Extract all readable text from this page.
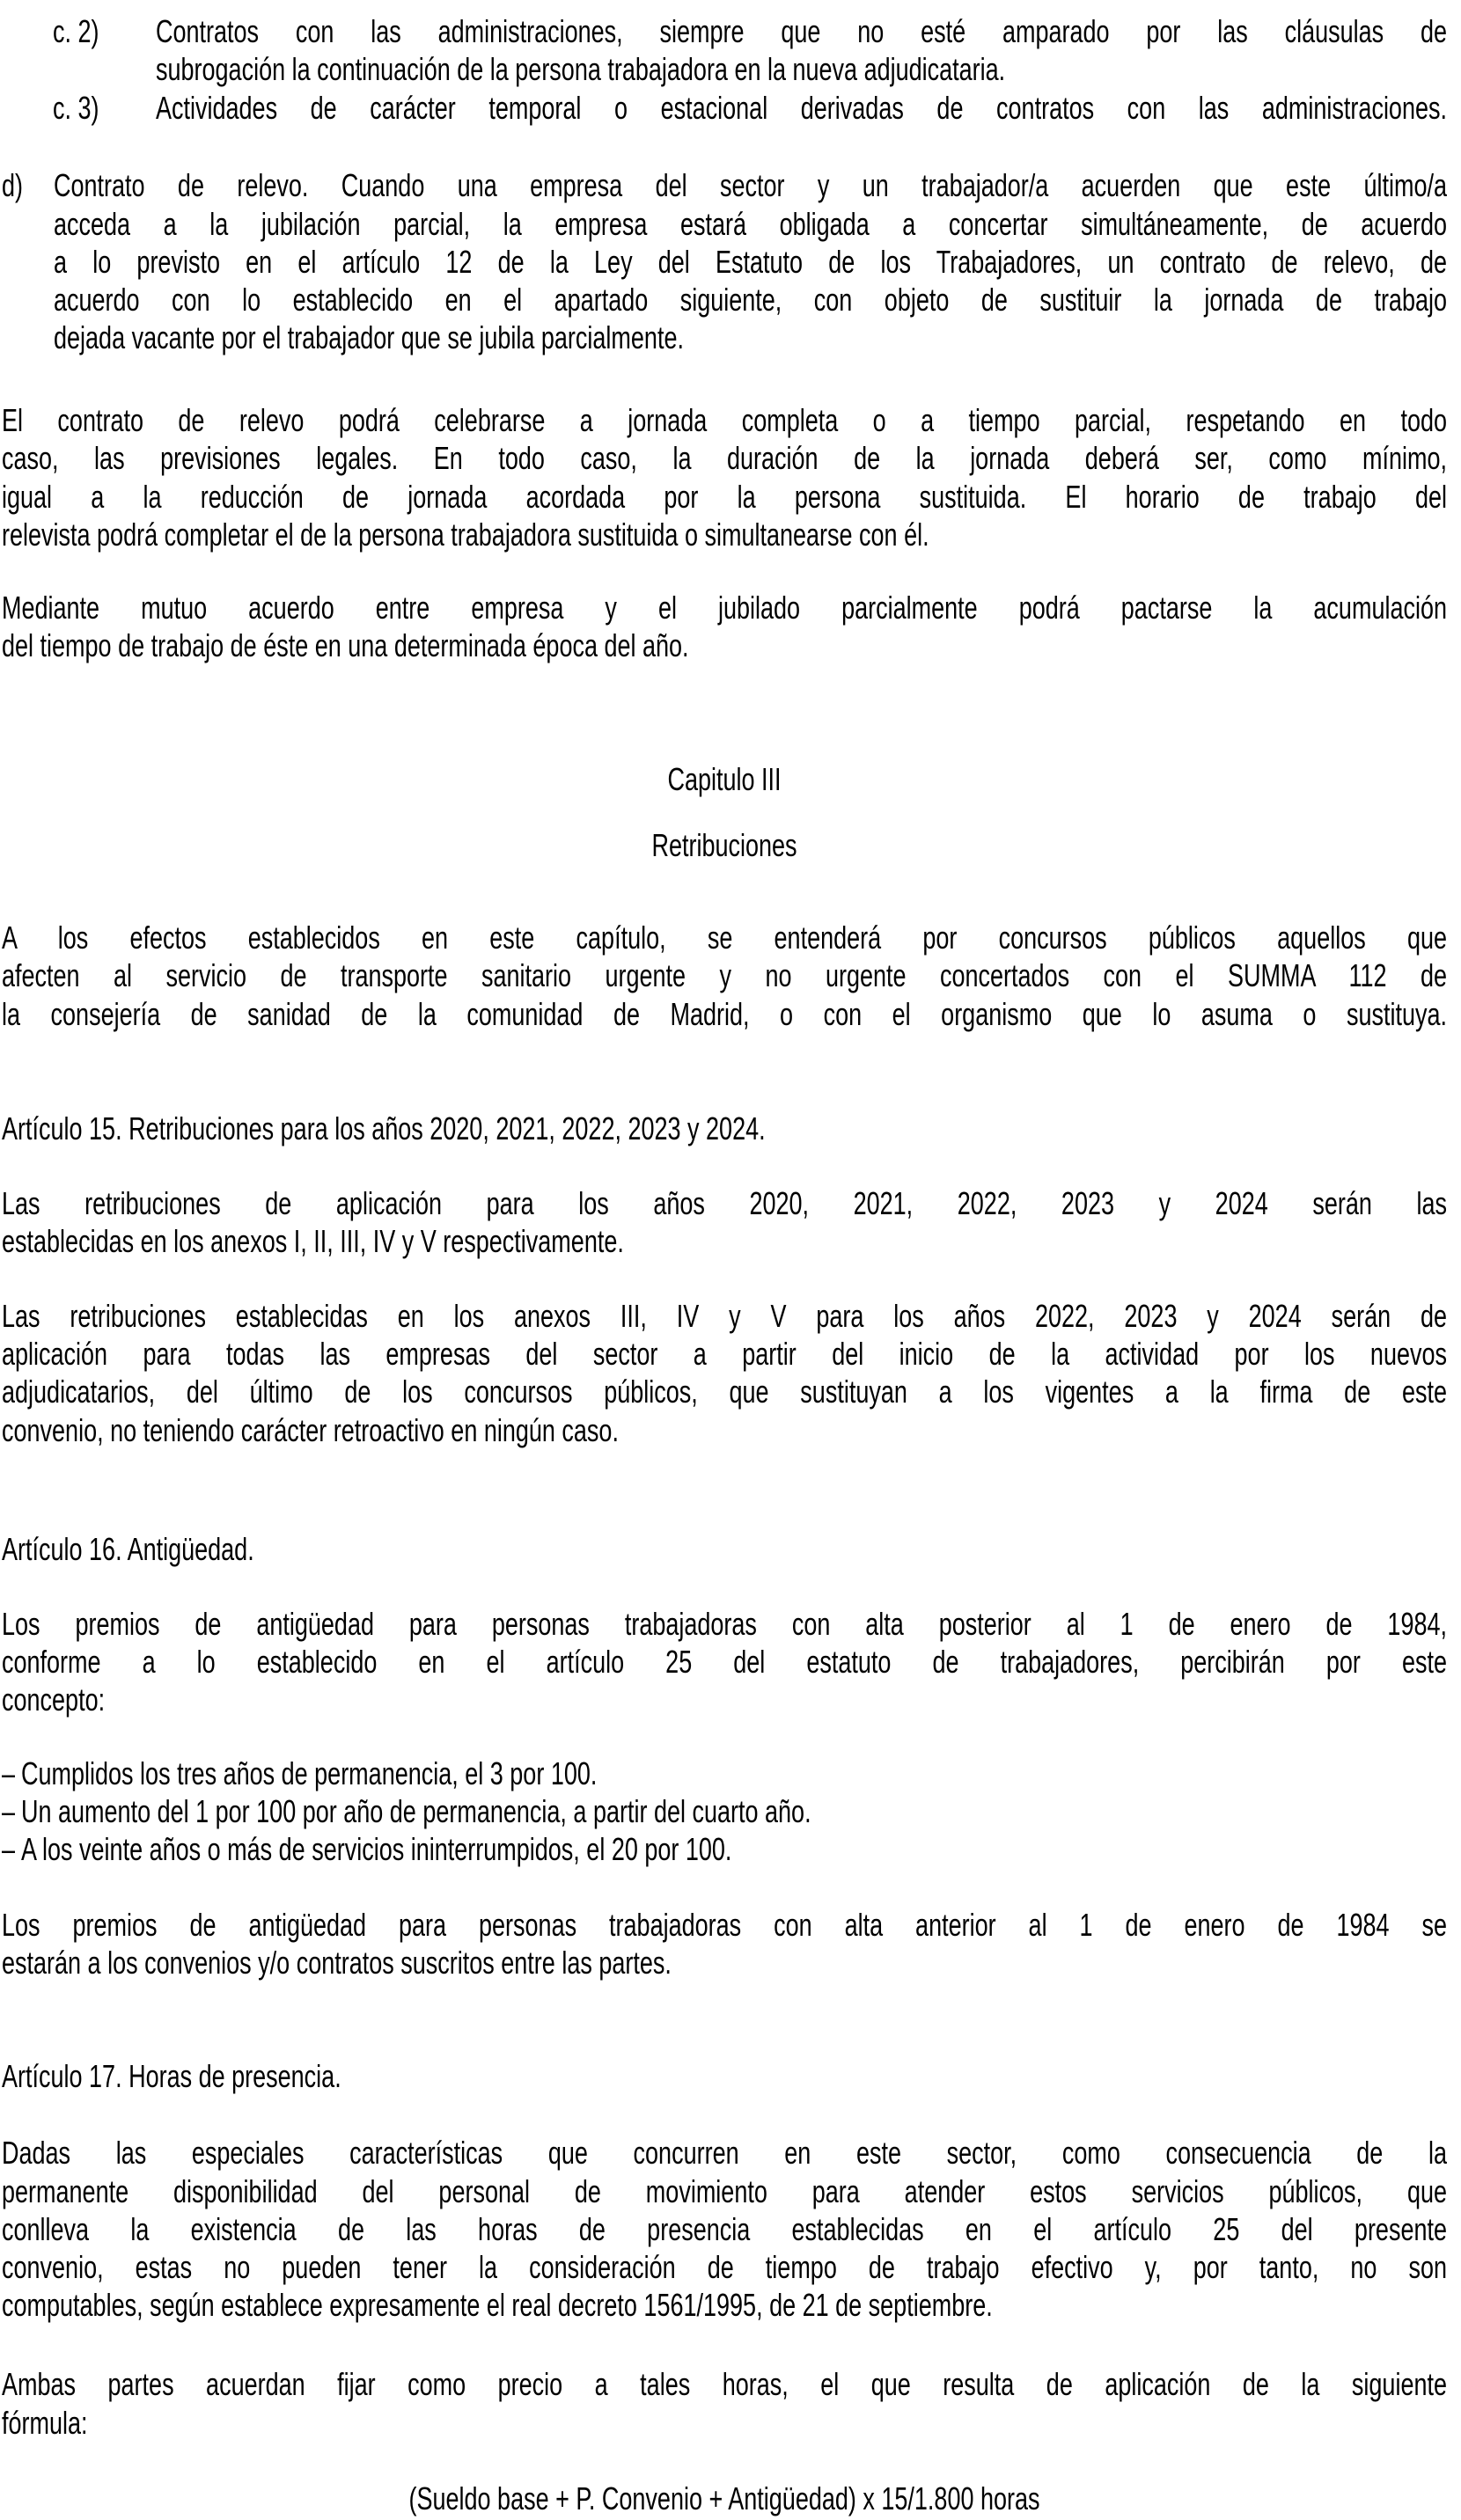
c. 2) Contratos con las administraciones, siempre que no esté amparado por las cláusulas de
subrogación la continuación de la persona trabajadora en la nueva adjudicataria.
c. 3) Actividades de carácter temporal o estacional derivadas de contratos con las administraciones.
d) Contrato de relevo. Cuando una empresa del sector y un trabajador/a acuerden que este último/a
acceda a la jubilación parcial, la empresa estará obligada a concertar simultáneamente, de acuerdo
a lo previsto en el artículo 12 de la Ley del Estatuto de los Trabajadores, un contrato de relevo, de
acuerdo con lo establecido en el apartado siguiente, con objeto de sustituir la jornada de trabajo
dejada vacante por el trabajador que se jubila parcialmente.
El contrato de relevo podrá celebrarse a jornada completa o a tiempo parcial, respetando en todo
caso, las previsiones legales. En todo caso, la duración de la jornada deberá ser, como mínimo,
igual a la reducción de jornada acordada por la persona sustituida. El horario de trabajo del
relevista podrá completar el de la persona trabajadora sustituida o simultanearse con él.
Mediante mutuo acuerdo entre empresa y el jubilado parcialmente podrá pactarse la acumulación
del tiempo de trabajo de éste en una determinada época del año.
Capitulo III
Retribuciones
A los efectos establecidos en este capítulo, se entenderá por concursos públicos aquellos que
afecten al servicio de transporte sanitario urgente y no urgente concertados con el SUMMA 112 de
la consejería de sanidad de la comunidad de Madrid, o con el organismo que lo asuma o sustituya.
Artículo 15. Retribuciones para los años 2020, 2021, 2022, 2023 y 2024.
Las retribuciones de aplicación para los años 2020, 2021, 2022, 2023 y 2024 serán las
establecidas en los anexos I, II, III, IV y V respectivamente.
Las retribuciones establecidas en los anexos III, IV y V para los años 2022, 2023 y 2024 serán de
aplicación para todas las empresas del sector a partir del inicio de la actividad por los nuevos
adjudicatarios, del último de los concursos públicos, que sustituyan a los vigentes a la firma de este
convenio, no teniendo carácter retroactivo en ningún caso.
Artículo 16. Antigüedad.
Los premios de antigüedad para personas trabajadoras con alta posterior al 1 de enero de 1984,
conforme a lo establecido en el artículo 25 del estatuto de trabajadores, percibirán por este
concepto:
– Cumplidos los tres años de permanencia, el 3 por 100.
– Un aumento del 1 por 100 por año de permanencia, a partir del cuarto año.
– A los veinte años o más de servicios ininterrumpidos, el 20 por 100.
Los premios de antigüedad para personas trabajadoras con alta anterior al 1 de enero de 1984 se
estarán a los convenios y/o contratos suscritos entre las partes.
Artículo 17. Horas de presencia.
Dadas las especiales características que concurren en este sector, como consecuencia de la
permanente disponibilidad del personal de movimiento para atender estos servicios públicos, que
conlleva la existencia de las horas de presencia establecidas en el artículo 25 del presente
convenio, estas no pueden tener la consideración de tiempo de trabajo efectivo y, por tanto, no son
computables, según establece expresamente el real decreto 1561/1995, de 21 de septiembre.
Ambas partes acuerdan fijar como precio a tales horas, el que resulta de aplicación de la siguiente
fórmula:
(Sueldo base + P. Convenio + Antigüedad) x 15/1.800 horas
